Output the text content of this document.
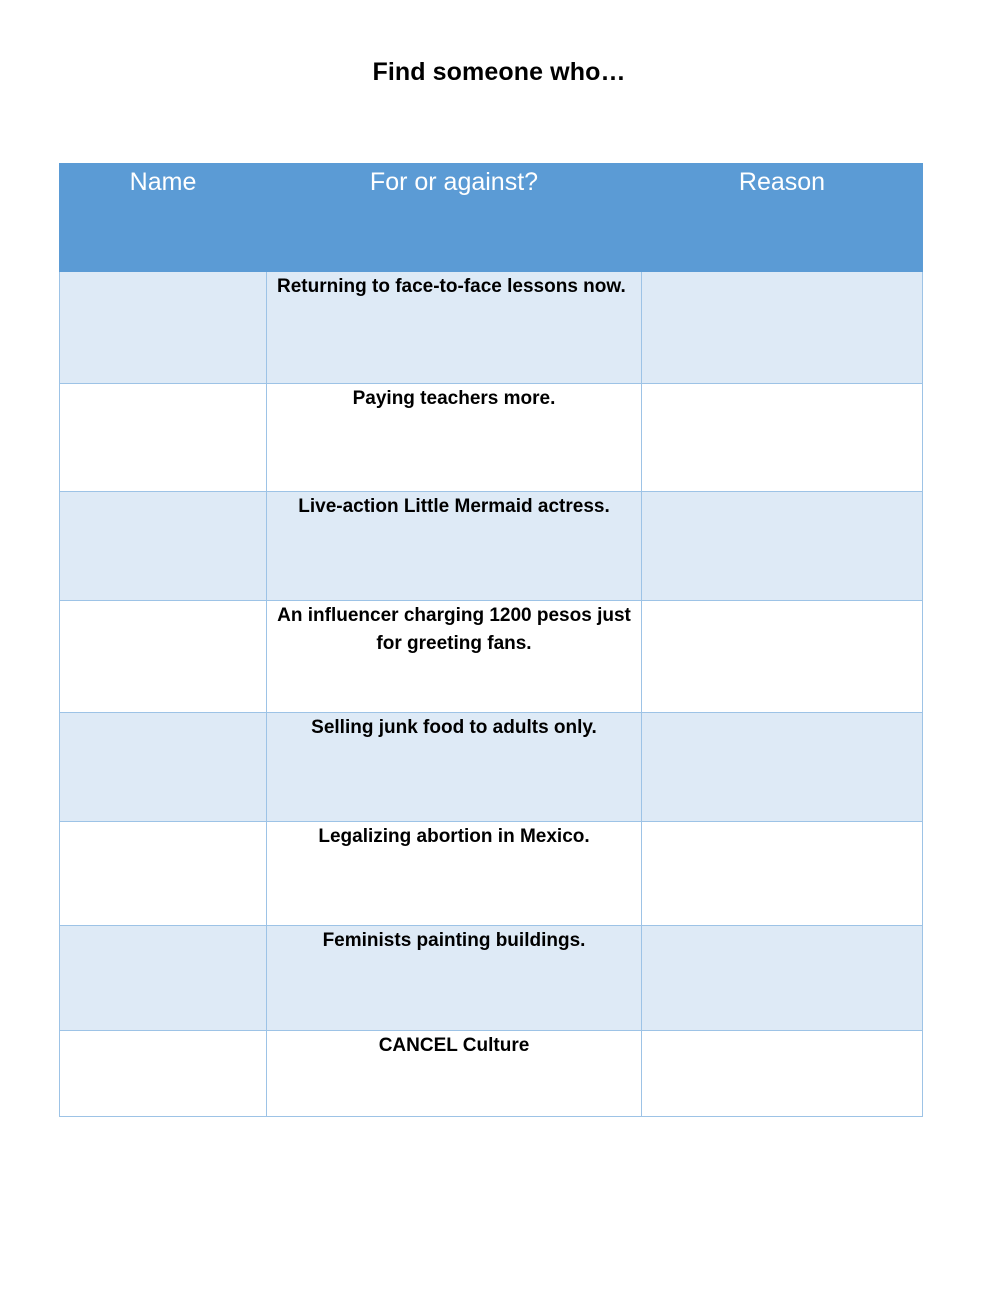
Find someone who…
Name	For or against?	Reason

	Returning to face-to-face lessons now.	

	Paying teachers more.	

	Live-action Little Mermaid actress.	

	An influencer charging 1200 pesos just for greeting fans.	

	Selling junk food to adults only.	

	Legalizing abortion in Mexico.	

	Feminists painting buildings.	

	CANCEL Culture	
